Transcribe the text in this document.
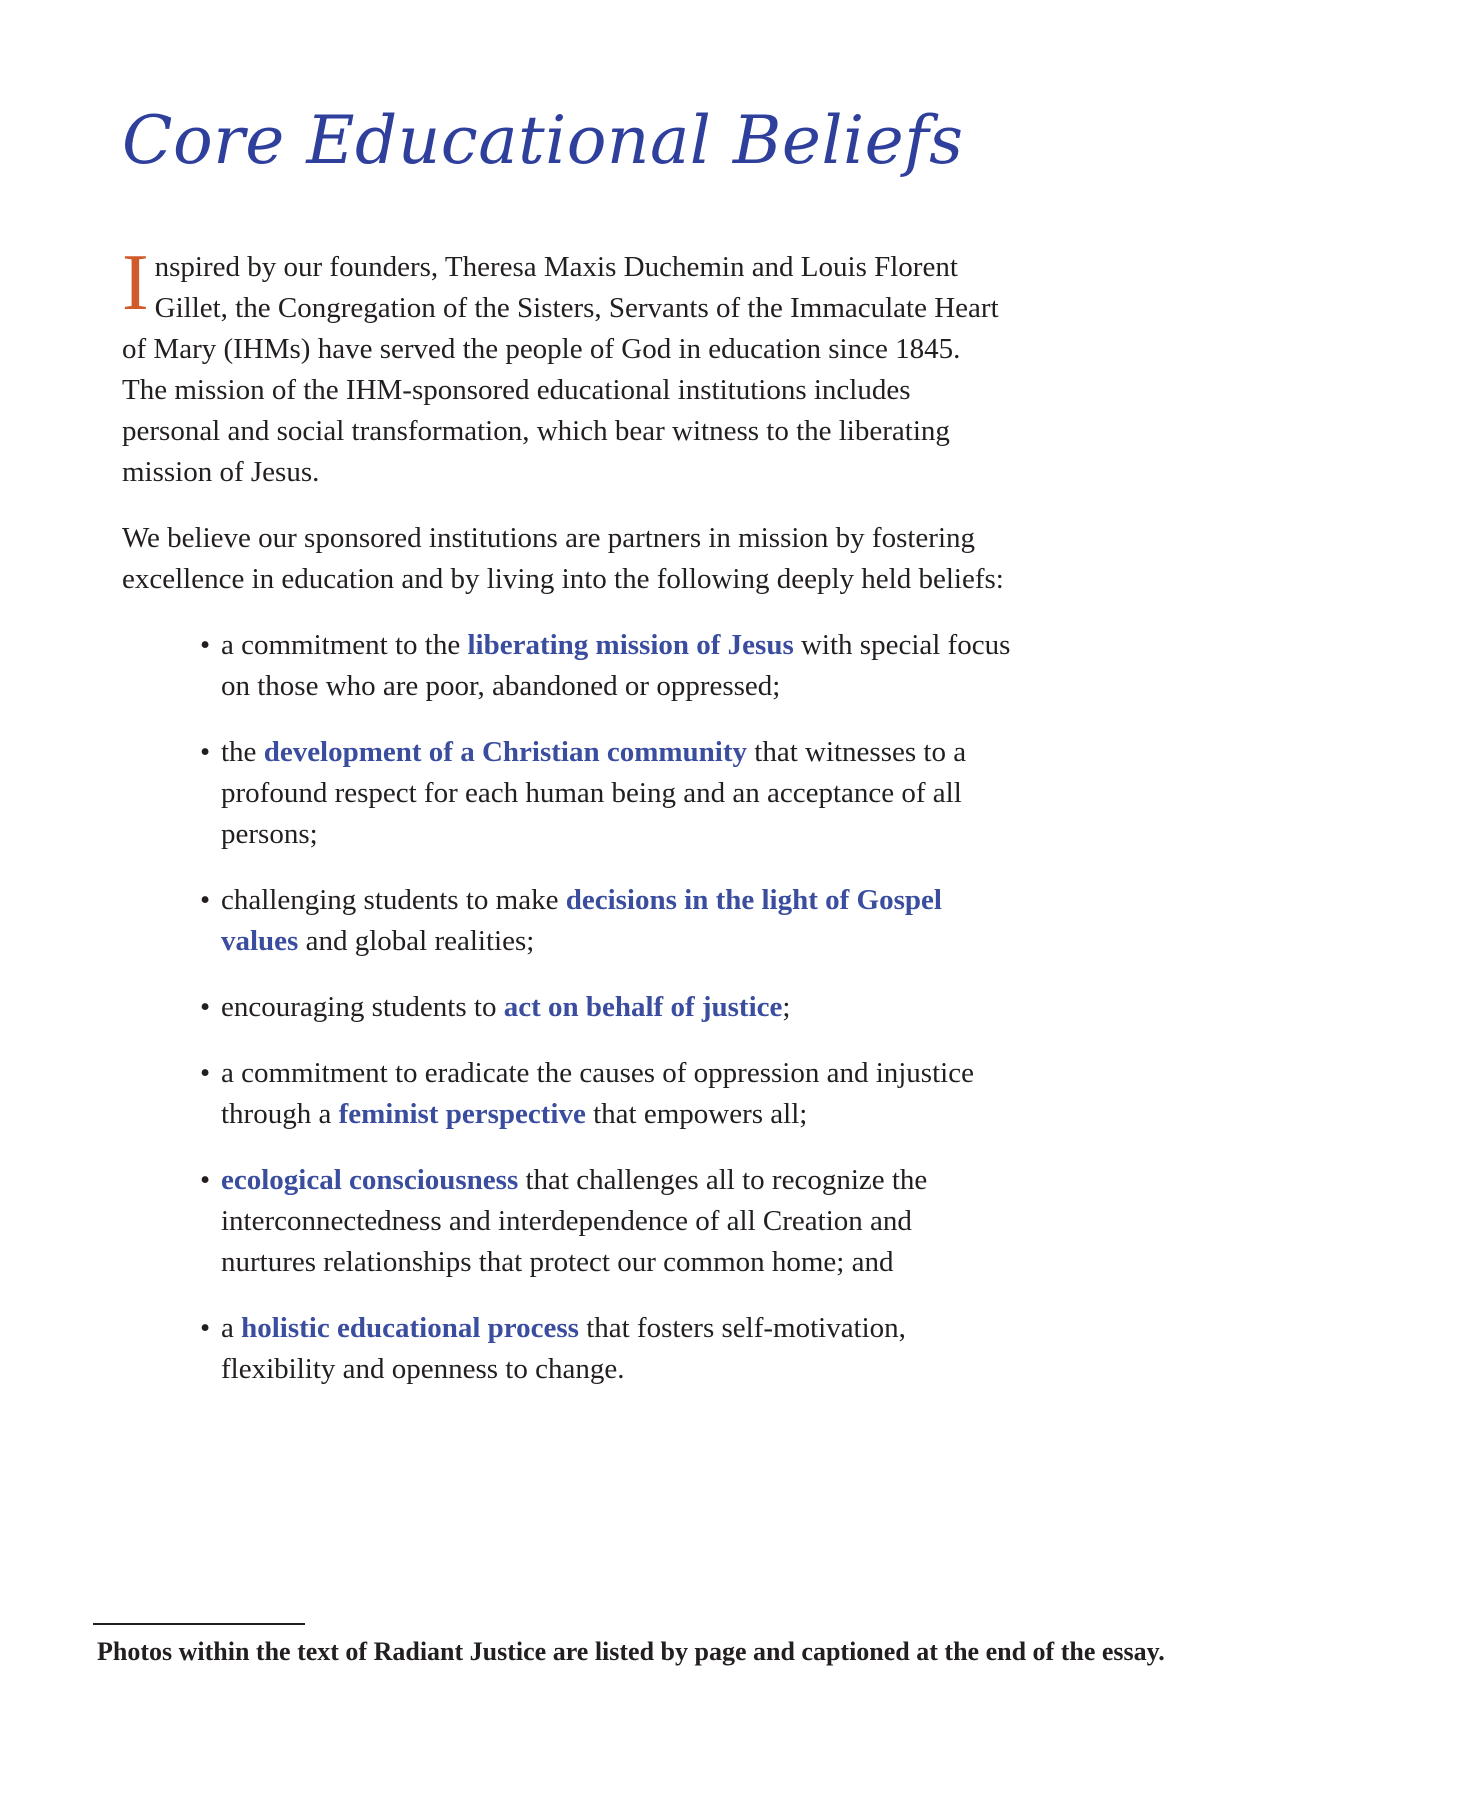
Core Educational Beliefs

Inspired by our founders, Theresa Maxis Duchemin and Louis Florent Gillet, the Congregation of the Sisters, Servants of the Immaculate Heart of Mary (IHMs) have served the people of God in education since 1845.

The mission of the IHM-sponsored educational institutions includes personal and social transformation, which bear witness to the liberating mission of Jesus.

We believe our sponsored institutions are partners in mission by fostering excellence in education and by living into the following deeply held beliefs:

• a commitment to the liberating mission of Jesus with special focus on those who are poor, abandoned or oppressed;
• the development of a Christian community that witnesses to a profound respect for each human being and an acceptance of all persons;
• challenging students to make decisions in the light of Gospel values and global realities;
• encouraging students to act on behalf of justice;
• a commitment to eradicate the causes of oppression and injustice through a feminist perspective that empowers all;
• ecological consciousness that challenges all to recognize the interconnectedness and interdependence of all Creation and nurtures relationships that protect our common home; and
• a holistic educational process that fosters self-motivation, flexibility and openness to change.

Photos within the text of Radiant Justice are listed by page and captioned at the end of the essay.
